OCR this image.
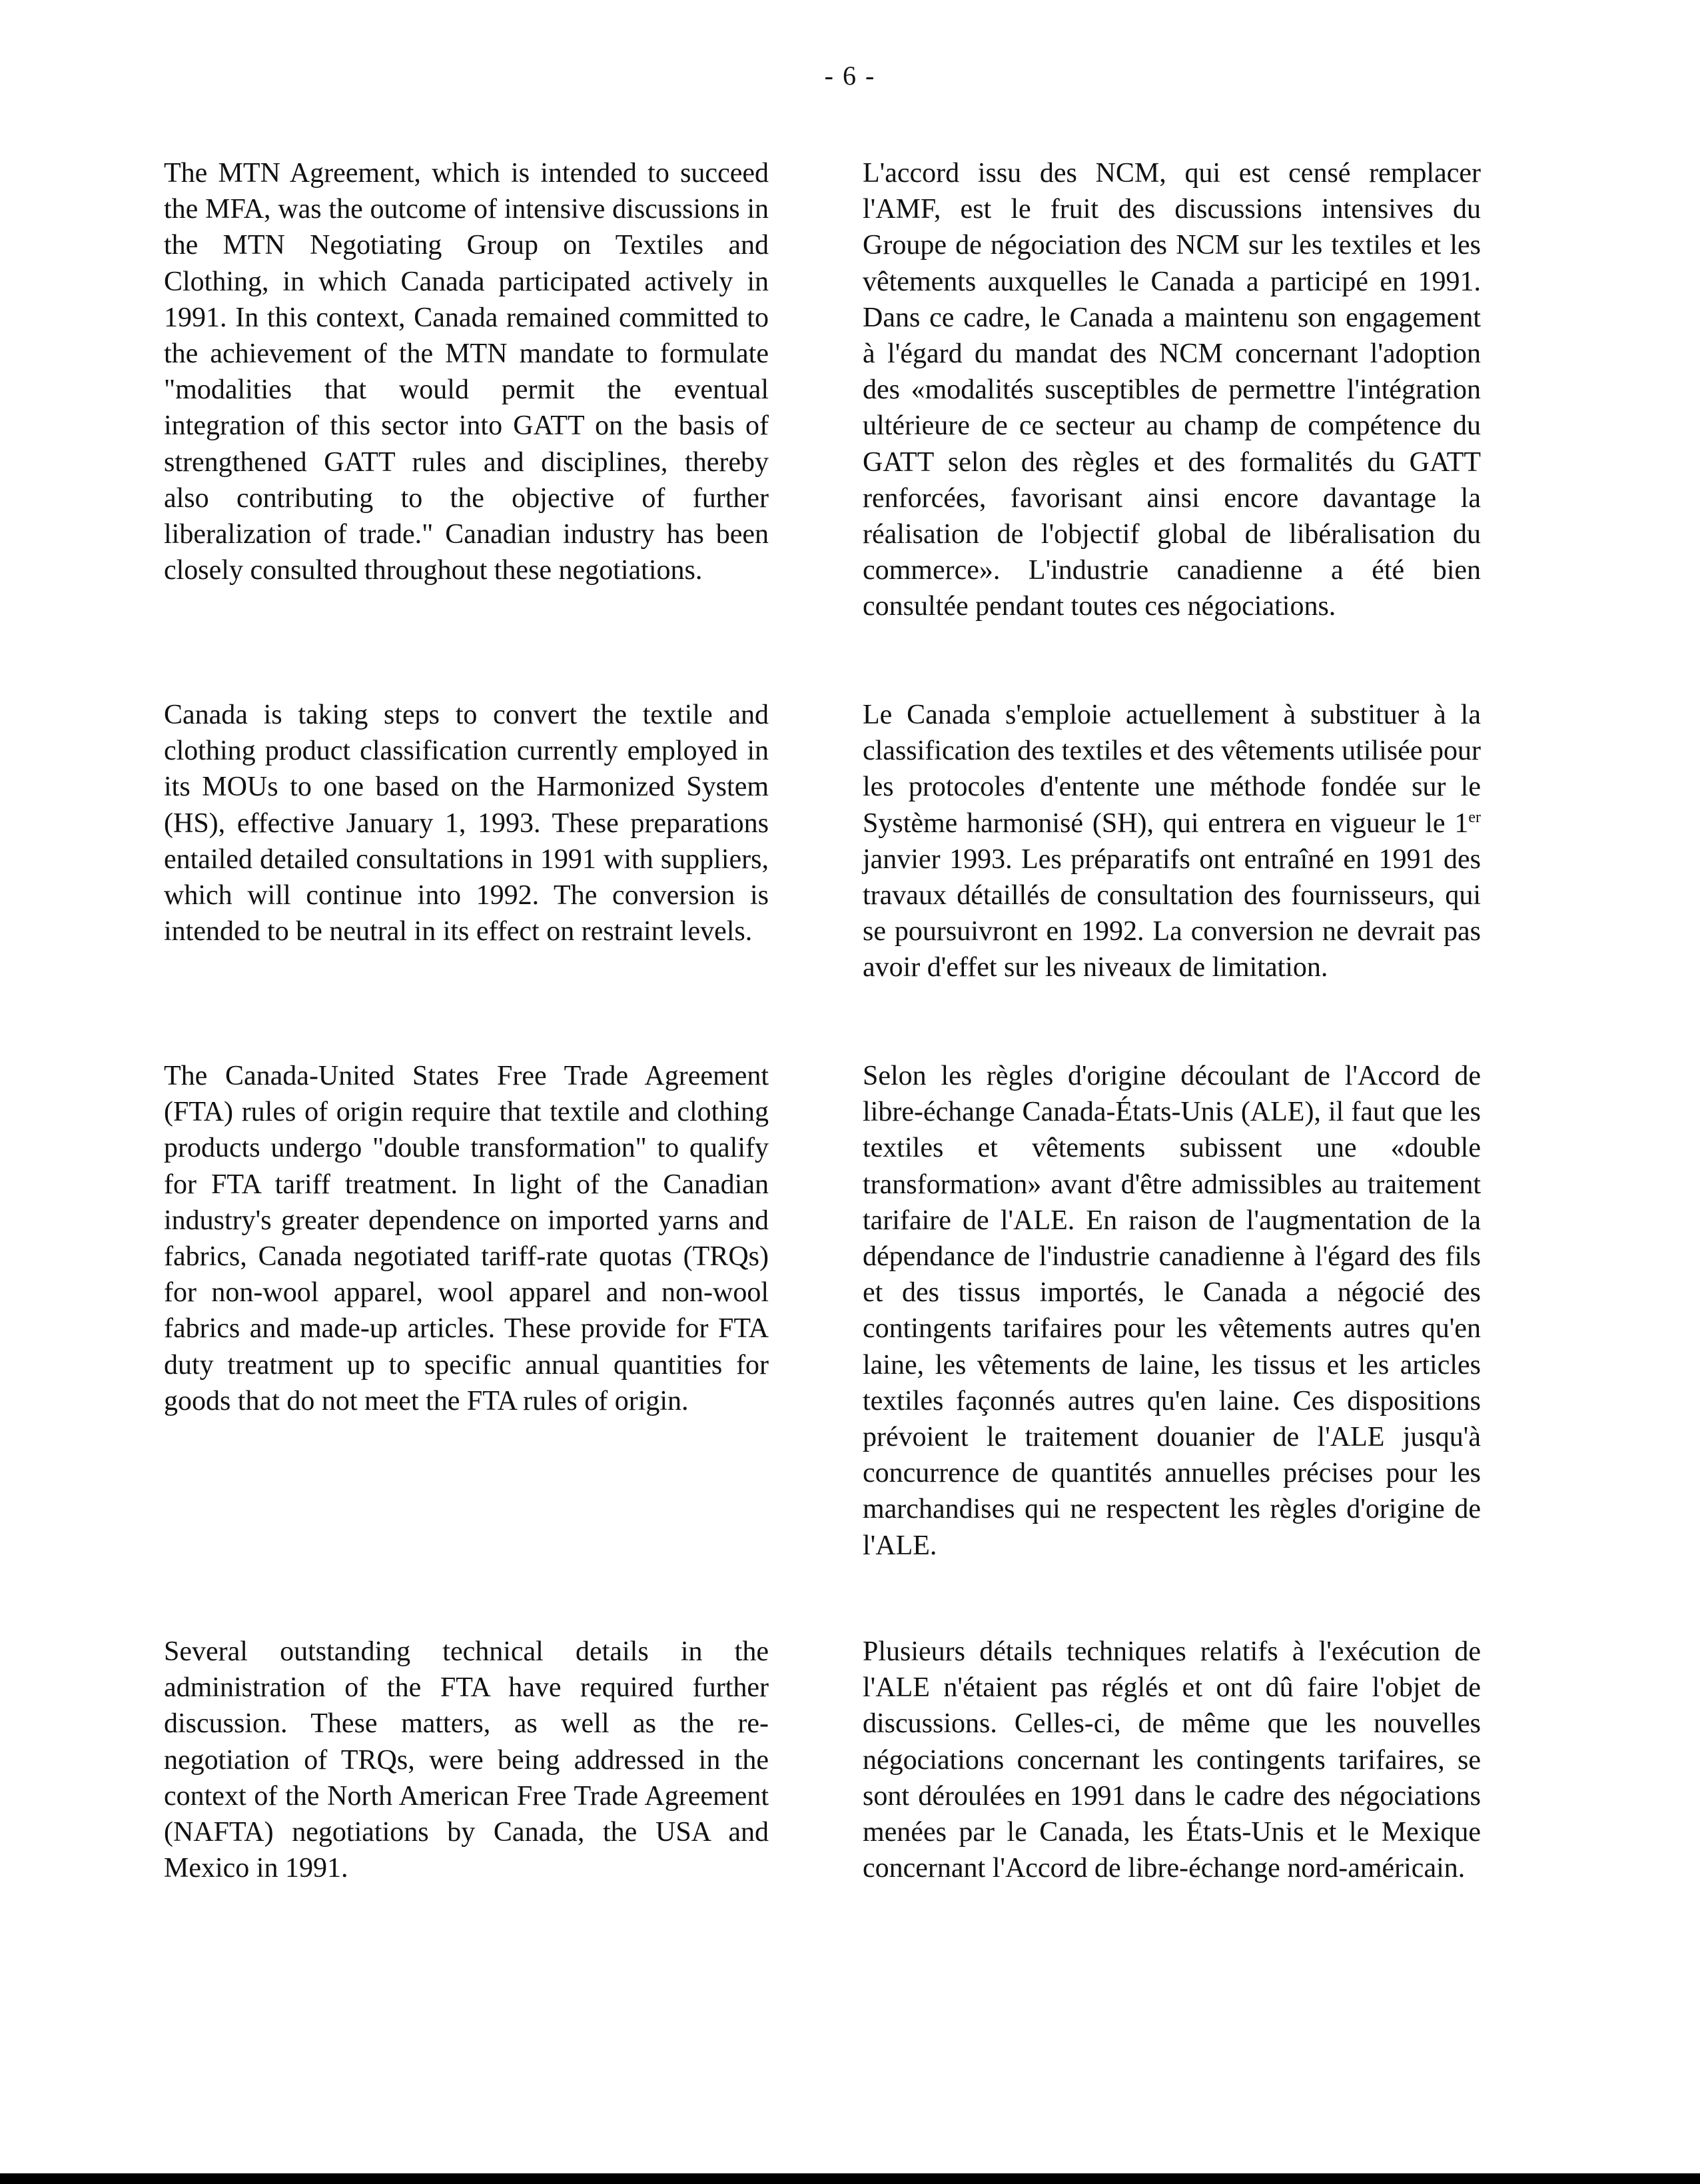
- 6 -

The MTN Agreement, which is intended to succeed the MFA, was the outcome of intensive discussions in the MTN Negotiating Group on Textiles and Clothing, in which Canada participated actively in 1991. In this context, Canada remained committed to the achievement of the MTN mandate to formulate "modalities that would permit the eventual integration of this sector into GATT on the basis of strengthened GATT rules and disciplines, thereby also contributing to the objective of further liberalization of trade." Canadian industry has been closely consulted throughout these negotiations.

Canada is taking steps to convert the textile and clothing product classification currently employed in its MOUs to one based on the Harmonized System (HS), effective January 1, 1993. These preparations entailed detailed consultations in 1991 with suppliers, which will continue into 1992. The conversion is intended to be neutral in its effect on restraint levels.

The Canada-United States Free Trade Agreement (FTA) rules of origin require that textile and clothing products undergo "double transformation" to qualify for FTA tariff treatment. In light of the Canadian industry's greater dependence on imported yarns and fabrics, Canada negotiated tariff-rate quotas (TRQs) for non-wool apparel, wool apparel and non-wool fabrics and made-up articles. These provide for FTA duty treatment up to specific annual quantities for goods that do not meet the FTA rules of origin.

Several outstanding technical details in the administration of the FTA have required further discussion. These matters, as well as the re-negotiation of TRQs, were being addressed in the context of the North American Free Trade Agreement (NAFTA) negotiations by Canada, the USA and Mexico in 1991.

L'accord issu des NCM, qui est censé remplacer l'AMF, est le fruit des discussions intensives du Groupe de négociation des NCM sur les textiles et les vêtements auxquelles le Canada a participé en 1991. Dans ce cadre, le Canada a maintenu son engagement à l'égard du mandat des NCM concernant l'adoption des «modalités susceptibles de permettre l'intégration ultérieure de ce secteur au champ de compétence du GATT selon des règles et des formalités du GATT renforcées, favorisant ainsi encore davantage la réalisation de l'objectif global de libéralisation du commerce». L'industrie canadienne a été bien consultée pendant toutes ces négociations.

Le Canada s'emploie actuellement à substituer à la classification des textiles et des vêtements utilisée pour les protocoles d'entente une méthode fondée sur le Système harmonisé (SH), qui entrera en vigueur le 1er janvier 1993. Les préparatifs ont entraîné en 1991 des travaux détaillés de consultation des fournisseurs, qui se poursuivront en 1992. La conversion ne devrait pas avoir d'effet sur les niveaux de limitation.

Selon les règles d'origine découlant de l'Accord de libre-échange Canada-États-Unis (ALE), il faut que les textiles et vêtements subissent une «double transformation» avant d'être admissibles au traitement tarifaire de l'ALE. En raison de l'augmentation de la dépendance de l'industrie canadienne à l'égard des fils et des tissus importés, le Canada a négocié des contingents tarifaires pour les vêtements autres qu'en laine, les vêtements de laine, les tissus et les articles textiles façonnés autres qu'en laine. Ces dispositions prévoient le traitement douanier de l'ALE jusqu'à concurrence de quantités annuelles précises pour les marchandises qui ne respectent les règles d'origine de l'ALE.

Plusieurs détails techniques relatifs à l'exécution de l'ALE n'étaient pas réglés et ont dû faire l'objet de discussions. Celles-ci, de même que les nouvelles négociations concernant les contingents tarifaires, se sont déroulées en 1991 dans le cadre des négociations menées par le Canada, les États-Unis et le Mexique concernant l'Accord de libre-échange nord-américain.
